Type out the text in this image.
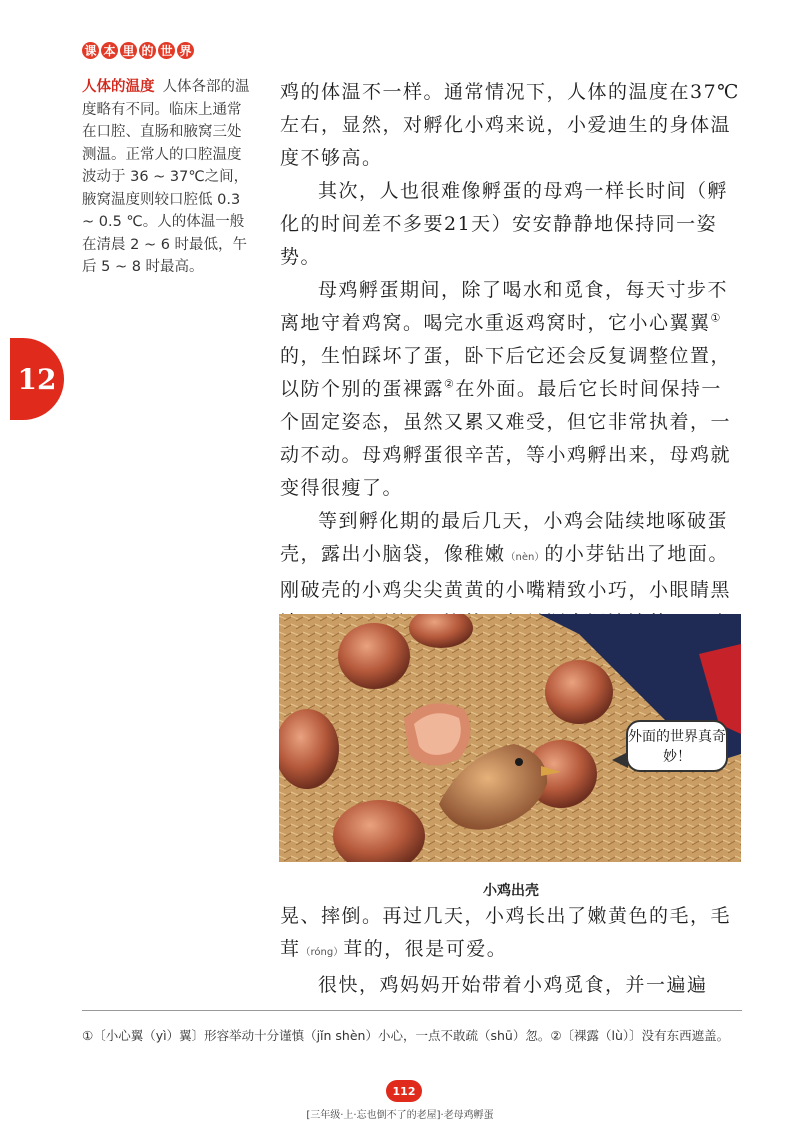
课 本 里 的 世 界
人体的温度 人体各部的温度略有不同。临床上通常在口腔、直肠和腋窝三处测温。正常人的口腔温度波动于 36 ~ 37℃之间，腋窝温度则较口腔低 0.3 ~ 0.5 ℃。人的体温一般在清晨 2 ~ 6 时最低，午后 5 ~ 8 时最高。
12

鸡的体温不一样。通常情况下，人体的温度在37℃左右，显然，对孵化小鸡来说，小爱迪生的身体温度不够高。

其次，人也很难像孵蛋的母鸡一样长时间（孵化的时间差不多要21天）安安静静地保持同一姿势。

母鸡孵蛋期间，除了喝水和觅食，每天寸步不离地守着鸡窝。喝完水重返鸡窝时，它小心翼翼①的，生怕踩坏了蛋，卧下后它还会反复调整位置，以防个别的蛋裸露②在外面。最后它长时间保持一个固定姿态，虽然又累又难受，但它非常执着，一动不动。母鸡孵蛋很辛苦，等小鸡孵出来，母鸡就变得很瘦了。

等到孵化期的最后几天，小鸡会陆续地啄破蛋壳，露出小脑袋，像稚嫩（nèn）的小芽钻出了地面。刚破壳的小鸡尖尖黄黄的小嘴精致小巧，小眼睛黑

外面的世界真奇妙！
小鸡出壳

晃、摔倒。再过几天，小鸡长出了嫩黄色的毛，毛茸（róng）茸的，很是可爱。

很快，鸡妈妈开始带着小鸡觅食，并一遍遍

①〔小心翼（yì）翼〕形容举动十分谨慎（jǐn shèn）小心，一点不敢疏（shū）忽。②〔裸露（lù）〕没有东西遮盖。
112
[三年级·上·忘也倒不了的老屋]·老母鸡孵蛋
